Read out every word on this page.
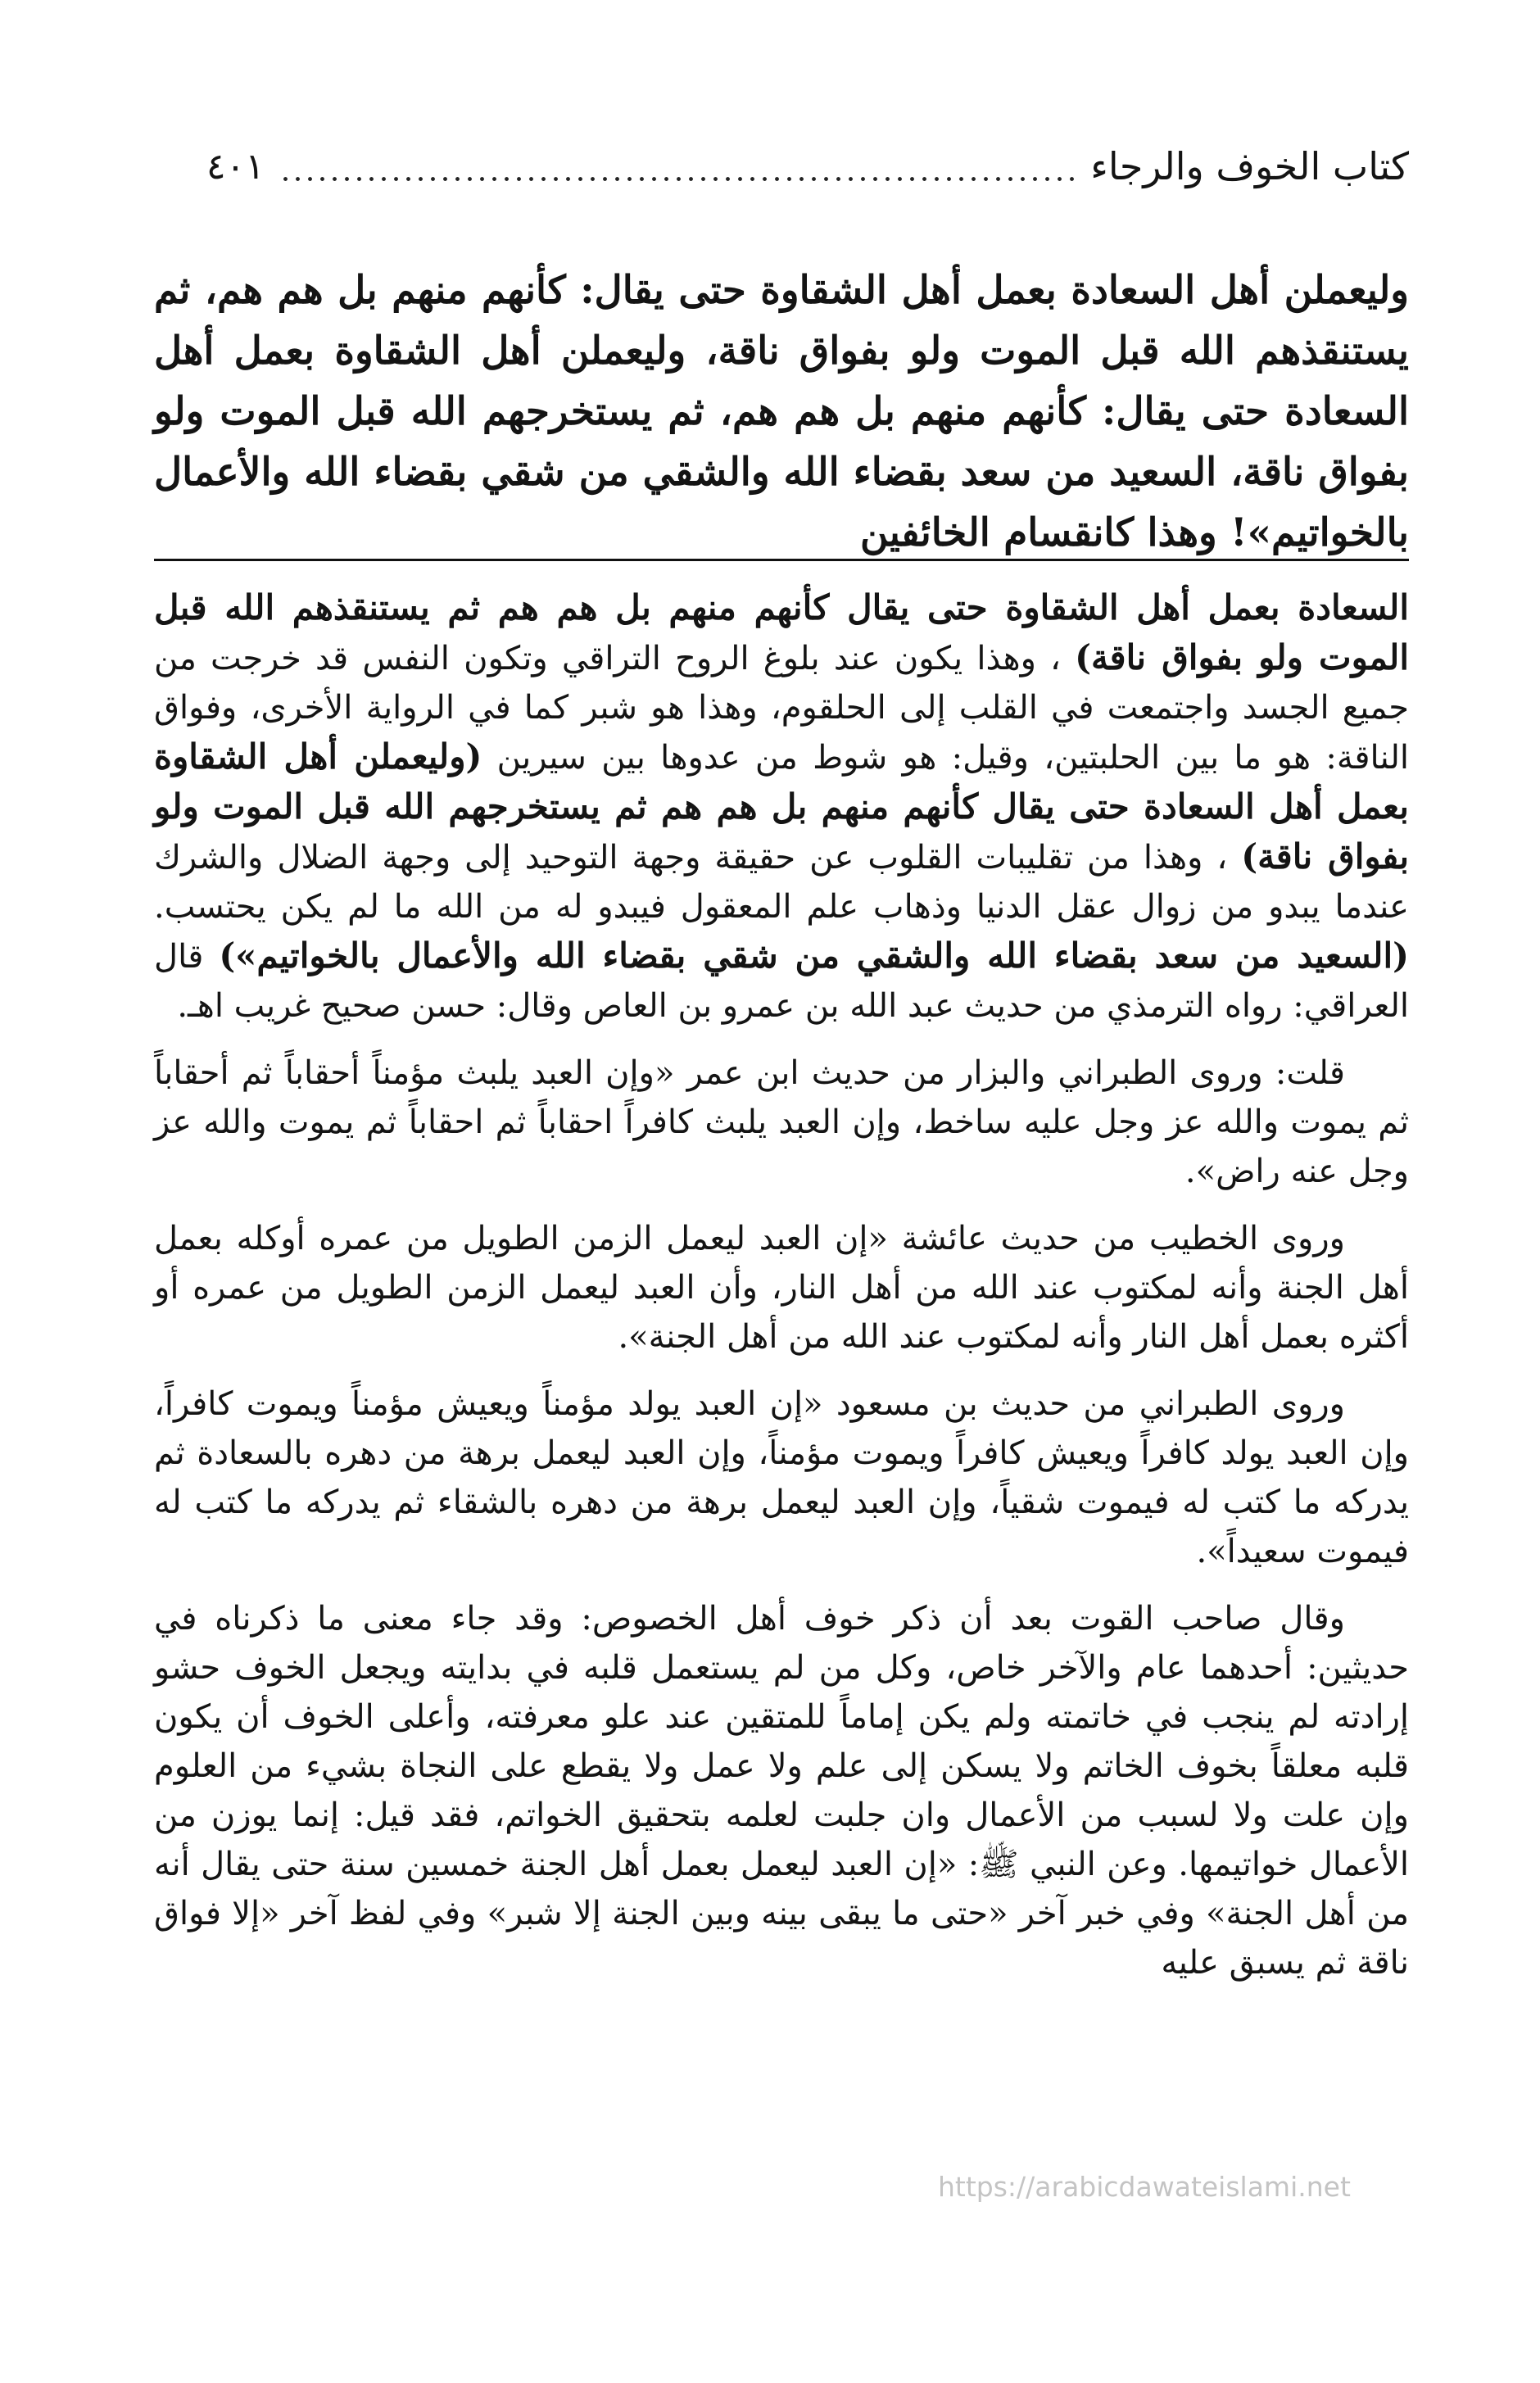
كتاب الخوف والرجاء
٤٠١
وليعملن أهل السعادة بعمل أهل الشقاوة حتى يقال: كأنهم منهم بل هم هم، ثم يستنقذهم الله قبل الموت ولو بفواق ناقة، وليعملن أهل الشقاوة بعمل أهل السعادة حتى يقال: كأنهم منهم بل هم هم، ثم يستخرجهم الله قبل الموت ولو بفواق ناقة، السعيد من سعد بقضاء الله والشقي من شقي بقضاء الله والأعمال بالخواتيم»! وهذا كانقسام الخائفين

السعادة بعمل أهل الشقاوة حتى يقال كأنهم منهم بل هم هم ثم يستنقذهم الله قبل الموت ولو بفواق ناقة) ، وهذا يكون عند بلوغ الروح التراقي وتكون النفس قد خرجت من جميع الجسد واجتمعت في القلب إلى الحلقوم، وهذا هو شبر كما في الرواية الأخرى، وفواق الناقة: هو ما بين الحلبتين، وقيل: هو شوط من عدوها بين سيرين (وليعملن أهل الشقاوة بعمل أهل السعادة حتى يقال كأنهم منهم بل هم هم ثم يستخرجهم الله قبل الموت ولو بفواق ناقة) ، وهذا من تقليبات القلوب عن حقيقة وجهة التوحيد إلى وجهة الضلال والشرك عندما يبدو من زوال عقل الدنيا وذهاب علم المعقول فيبدو له من الله ما لم يكن يحتسب. (السعيد من سعد بقضاء الله والشقي من شقي بقضاء الله والأعمال بالخواتيم») قال العراقي: رواه الترمذي من حديث عبد الله بن عمرو بن العاص وقال: حسن صحيح غريب اهـ.

قلت: وروى الطبراني والبزار من حديث ابن عمر «وإن العبد يلبث مؤمناً أحقاباً ثم أحقاباً ثم يموت والله عز وجل عليه ساخط، وإن العبد يلبث كافراً احقاباً ثم احقاباً ثم يموت والله عز وجل عنه راض».

وروى الخطيب من حديث عائشة «إن العبد ليعمل الزمن الطويل من عمره أوكله بعمل أهل الجنة وأنه لمكتوب عند الله من أهل النار، وأن العبد ليعمل الزمن الطويل من عمره أو أكثره بعمل أهل النار وأنه لمكتوب عند الله من أهل الجنة».

وروى الطبراني من حديث بن مسعود «إن العبد يولد مؤمناً ويعيش مؤمناً ويموت كافراً، وإن العبد يولد كافراً ويعيش كافراً ويموت مؤمناً، وإن العبد ليعمل برهة من دهره بالسعادة ثم يدركه ما كتب له فيموت شقياً، وإن العبد ليعمل برهة من دهره بالشقاء ثم يدركه ما كتب له فيموت سعيداً».

وقال صاحب القوت بعد أن ذكر خوف أهل الخصوص: وقد جاء معنى ما ذكرناه في حديثين: أحدهما عام والآخر خاص، وكل من لم يستعمل قلبه في بدايته ويجعل الخوف حشو إرادته لم ينجب في خاتمته ولم يكن إماماً للمتقين عند علو معرفته، وأعلى الخوف أن يكون قلبه معلقاً بخوف الخاتم ولا يسكن إلى علم ولا عمل ولا يقطع على النجاة بشيء من العلوم وإن علت ولا لسبب من الأعمال وان جلبت لعلمه بتحقيق الخواتم، فقد قيل: إنما يوزن من الأعمال خواتيمها. وعن النبي ﷺ: «إن العبد ليعمل بعمل أهل الجنة خمسين سنة حتى يقال أنه من أهل الجنة» وفي خبر آخر «حتى ما يبقى بينه وبين الجنة إلا شبر» وفي لفظ آخر «إلا فواق ناقة ثم يسبق عليه

https://arabicdawateislami.net
